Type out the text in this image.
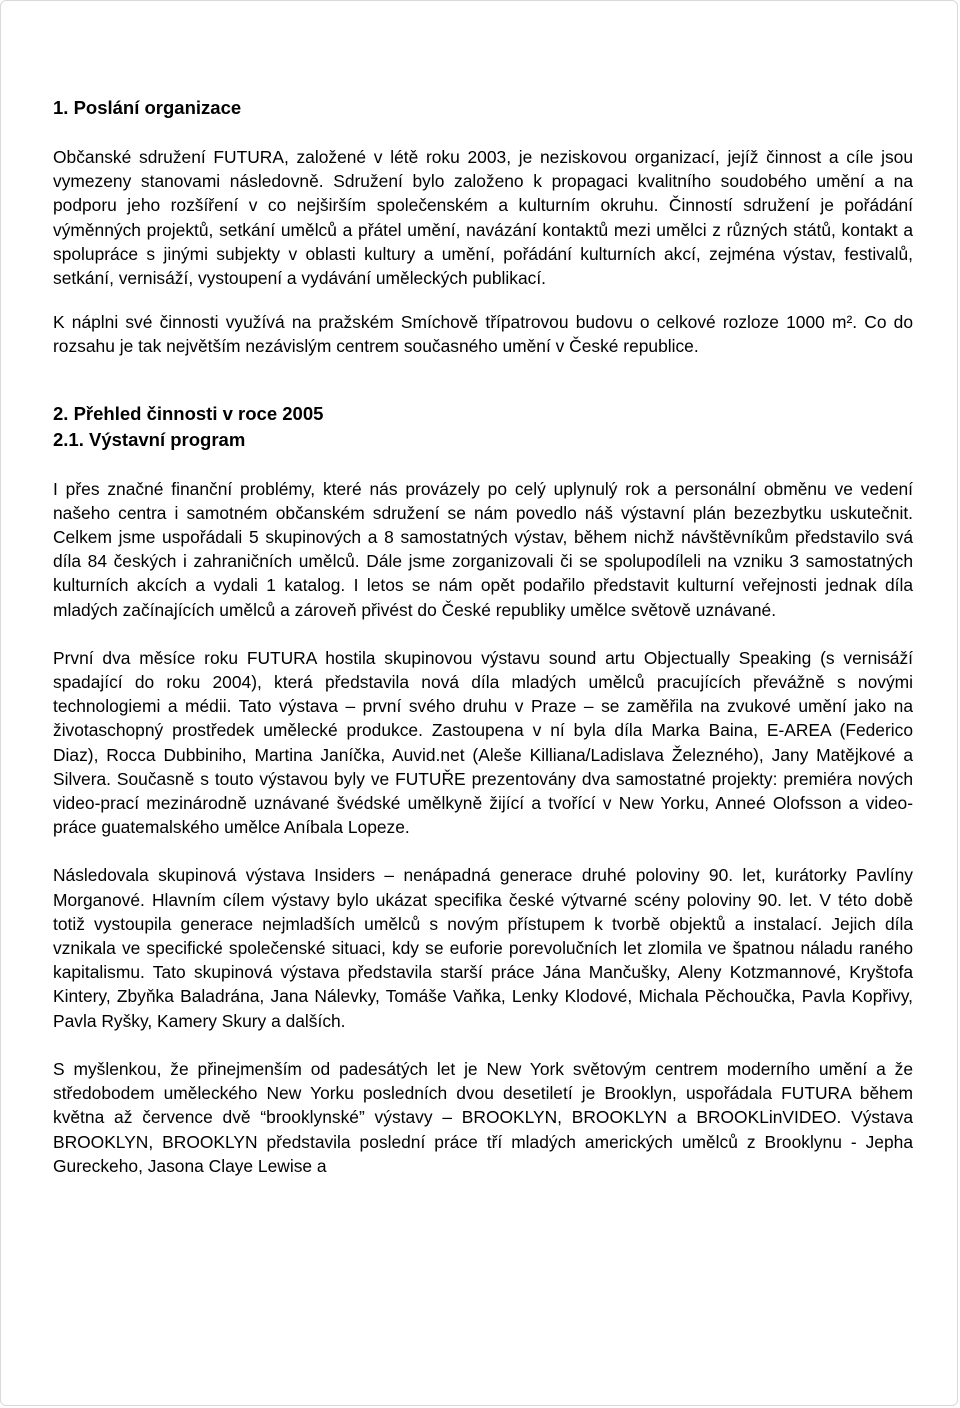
1. Poslání organizace

Občanské sdružení FUTURA, založené v létě roku 2003, je neziskovou organizací, jejíž činnost a cíle jsou vymezeny stanovami následovně. Sdružení bylo založeno k propagaci kvalitního soudobého umění a na podporu jeho rozšíření v co nejširším společenském a kulturním okruhu. Činností sdružení je pořádání výměnných projektů, setkání umělců a přátel umění, navázání kontaktů mezi umělci z různých států, kontakt a spolupráce s jinými subjekty v oblasti kultury a umění, pořádání kulturních akcí, zejména výstav, festivalů, setkání, vernisáží, vystoupení a vydávání uměleckých publikací.

K náplni své činnosti využívá na pražském Smíchově třípatrovou budovu o celkové rozloze 1000 m². Co do rozsahu je tak největším nezávislým centrem současného umění v České republice.

2. Přehled činnosti v roce 2005
2.1. Výstavní program

I přes značné finanční problémy, které nás provázely po celý uplynulý rok a personální obměnu ve vedení našeho centra i samotném občanském sdružení se nám povedlo náš výstavní plán bezezbytku uskutečnit. Celkem jsme uspořádali 5 skupinových a 8 samostatných výstav, během nichž návštěvníkům představilo svá díla 84 českých i zahraničních umělců. Dále jsme zorganizovali či se spolupodíleli na vzniku 3 samostatných kulturních akcích a vydali 1 katalog. I letos se nám opět podařilo představit kulturní veřejnosti jednak díla mladých začínajících umělců a zároveň přivést do České republiky umělce světově uznávané.

První dva měsíce roku FUTURA hostila skupinovou výstavu sound artu Objectually Speaking (s vernisáží spadající do roku 2004), která představila nová díla mladých umělců pracujících převážně s novými technologiemi a médii. Tato výstava – první svého druhu v Praze – se zaměřila na zvukové umění jako na životaschopný prostředek umělecké produkce. Zastoupena v ní byla díla Marka Baina, E-AREA (Federico Diaz), Rocca Dubbiniho, Martina Janíčka, Auvid.net (Aleše Killiana/Ladislava Železného), Jany Matějkové a Silvera. Současně s touto výstavou byly ve FUTUŘE prezentovány dva samostatné projekty: premiéra nových video-prací mezinárodně uznávané švédské umělkyně žijící a tvořící v New Yorku, Anneé Olofsson a video-práce guatemalského umělce Aníbala Lopeze.

Následovala skupinová výstava Insiders – nenápadná generace druhé poloviny 90. let, kurátorky Pavlíny Morganové. Hlavním cílem výstavy bylo ukázat specifika české výtvarné scény poloviny 90. let. V této době totiž vystoupila generace nejmladších umělců s novým přístupem k tvorbě objektů a instalací. Jejich díla vznikala ve specifické společenské situaci, kdy se euforie porevolučních let zlomila ve špatnou náladu raného kapitalismu. Tato skupinová výstava představila starší práce Jána Mančušky, Aleny Kotzmannové, Kryštofa Kintery, Zbyňka Baladrána, Jana Nálevky, Tomáše Vaňka, Lenky Klodové, Michala Pěchoučka, Pavla Kopřivy, Pavla Ryšky, Kamery Skury a dalších.

S myšlenkou, že přinejmenším od padesátých let je New York světovým centrem moderního umění a že středobodem uměleckého New Yorku posledních dvou desetiletí je Brooklyn, uspořádala FUTURA během května až července dvě “brooklynské” výstavy – BROOKLYN, BROOKLYN a BROOKLinVIDEO. Výstava BROOKLYN, BROOKLYN představila poslední práce tří mladých amerických umělců z Brooklynu - Jepha Gureckeho, Jasona Claye Lewise a
